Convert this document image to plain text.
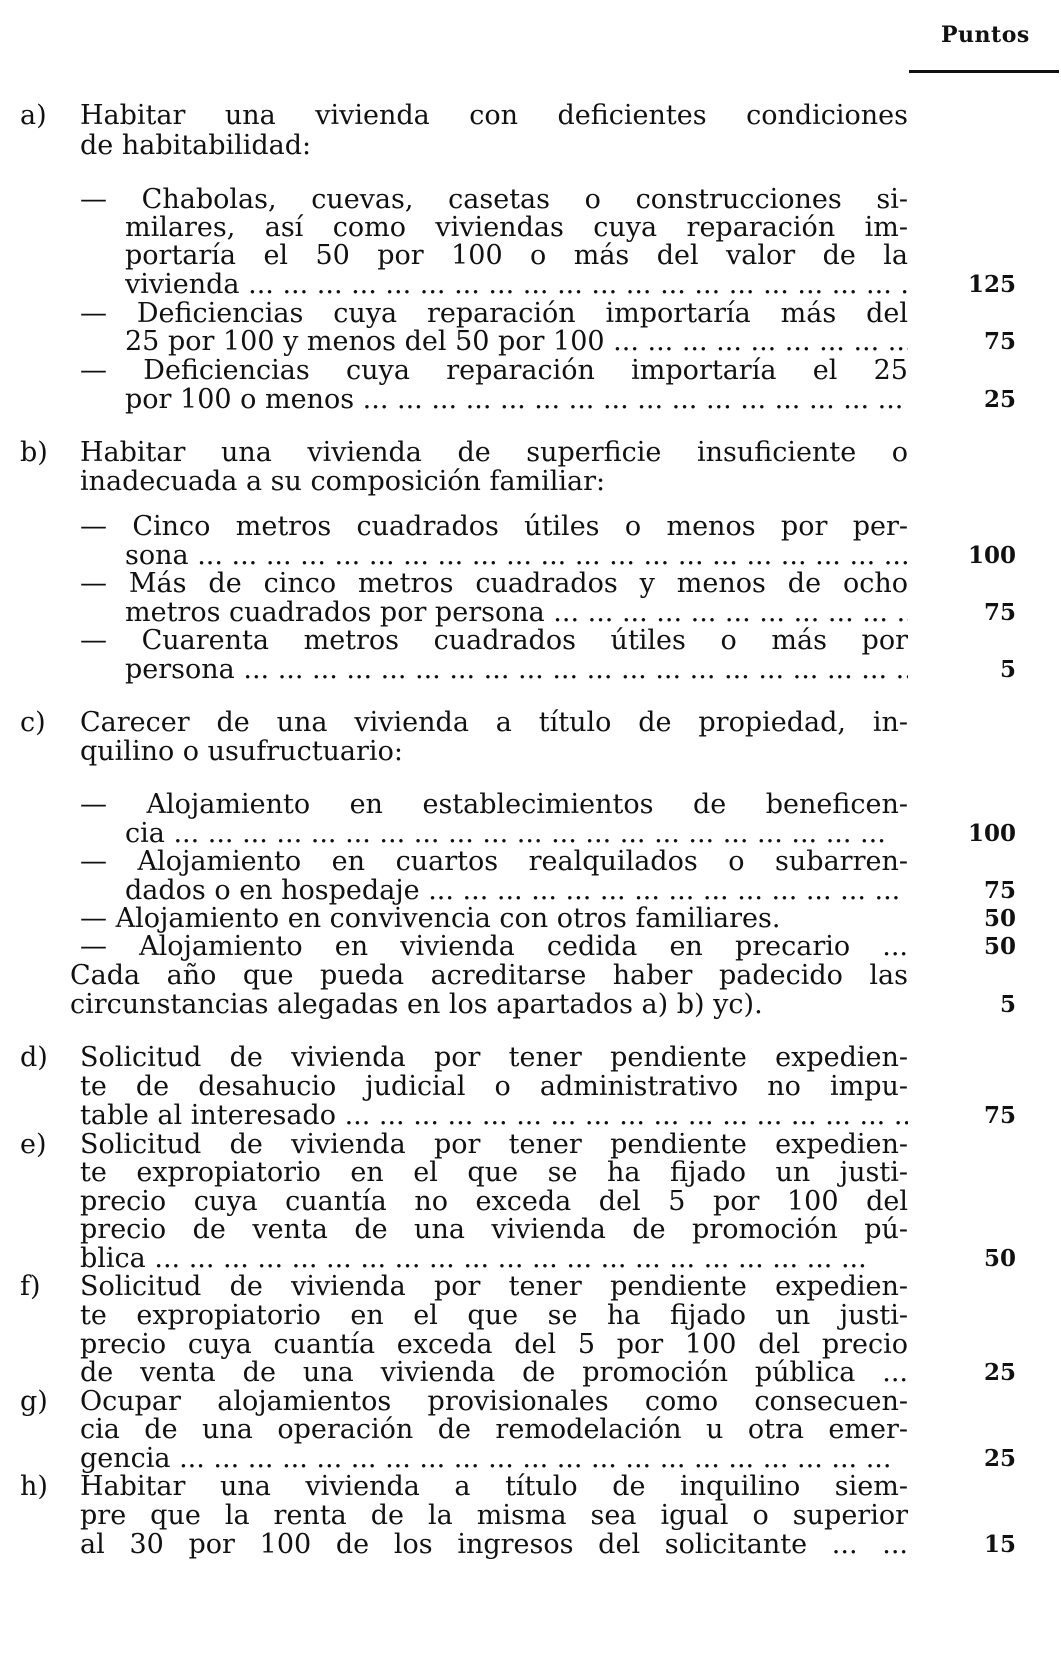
Puntos
a) Habitar una vivienda con deficientes condiciones
de habitabilidad:
— Chabolas, cuevas, casetas o construcciones si-
milares, así como viviendas cuya reparación im-
portaría el 50 por 100 o más del valor de la
vivienda ... .	125
— Deficiencias cuya reparación importaría más del
25 por 100 y menos del 50 por 100 ... .	75
— Deficiencias cuya reparación importaría el 25
por 100 o menos ... .	25
b) Habitar una vivienda de superficie insuficiente o
inadecuada a su composición familiar:
— Cinco metros cuadrados útiles o menos por per-
sona ... .	100
— Más de cinco metros cuadrados y menos de ocho
metros cuadrados por persona ... .	75
— Cuarenta metros cuadrados útiles o más por
persona ... .	5
c) Carecer de una vivienda a título de propiedad, in-
quilino o usufructuario:
— Alojamiento en establecimientos de beneficen-
cia ... .	100
— Alojamiento en cuartos realquilados o subarren-
dados o en hospedaje ... .	75
— Alojamiento en convivencia con otros familiares.	50
— Alojamiento en vivienda cedida en precario ...	50
Cada año que pueda acreditarse haber padecido las
circunstancias alegadas en los apartados a) b) yc).	5
d) Solicitud de vivienda por tener pendiente expedien-
te de desahucio judicial o administrativo no impu-
table al interesado ... .	75
e) Solicitud de vivienda por tener pendiente expedien-
te expropiatorio en el que se ha fijado un justi-
precio cuya cuantía no exceda del 5 por 100 del
precio de venta de una vivienda de promoción pú-
blica ... .	50
f) Solicitud de vivienda por tener pendiente expedien-
te expropiatorio en el que se ha fijado un justi-
precio cuya cuantía exceda del 5 por 100 del precio
de venta de una vivienda de promoción pública ...	25
g) Ocupar alojamientos provisionales como consecuen-
cia de una operación de remodelación u otra emer-
gencia ... .	25
h) Habitar una vivienda a título de inquilino siem-
pre que la renta de la misma sea igual o superior
al 30 por 100 de los ingresos del solicitante ... ...	15
